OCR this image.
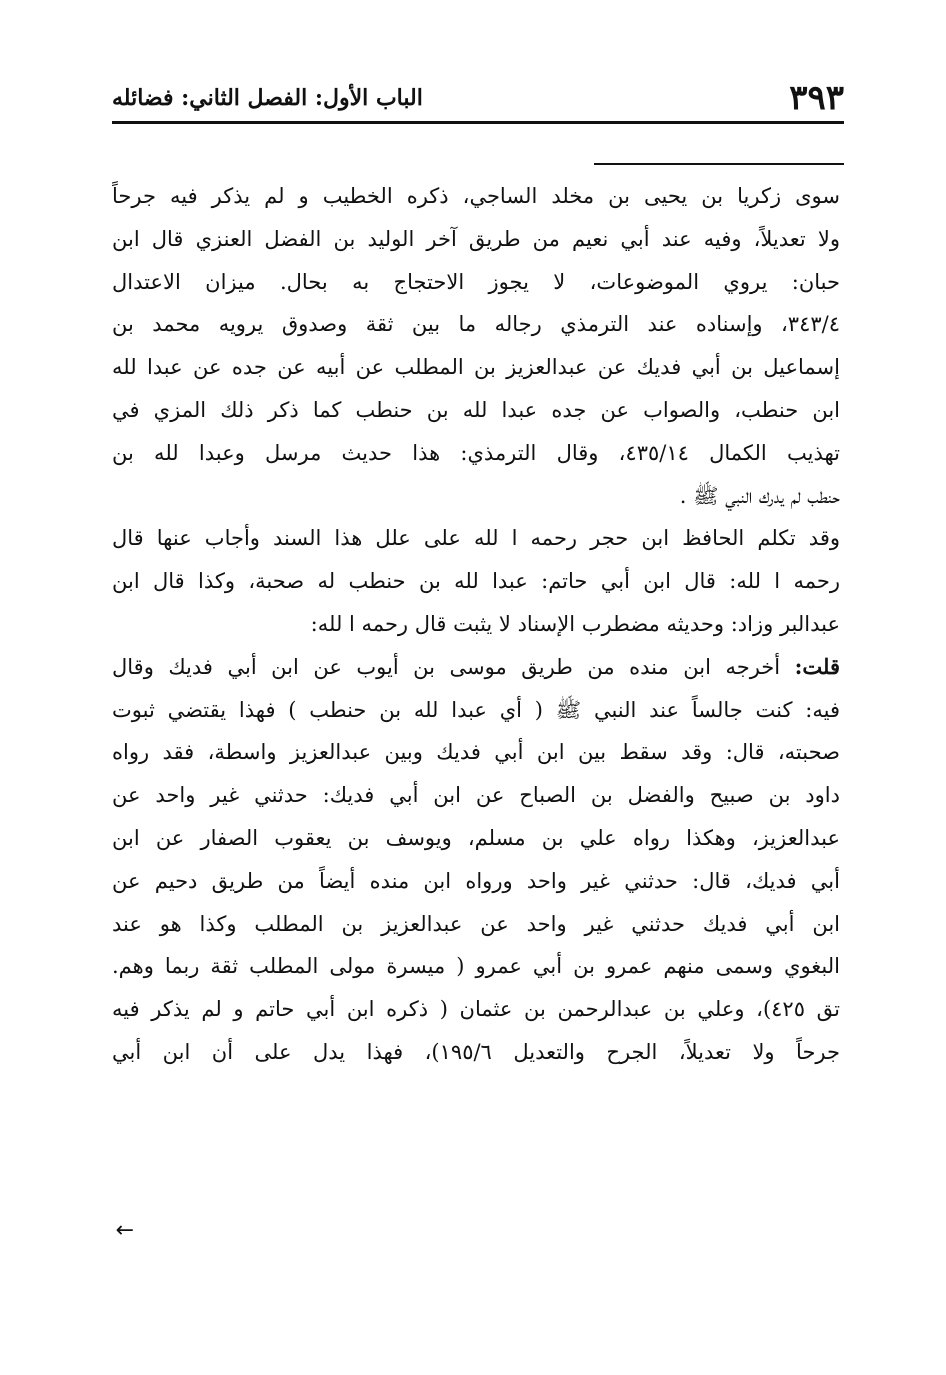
٣٩٣
الباب الأول: الفصل الثاني: فضائله
سوى زكريا بن يحيى بن مخلد الساجي، ذكره الخطيب و لم يذكر فيه جرحاً
ولا تعديلاً، وفيه عند أبي نعيم من طريق آخر الوليد بن الفضل العنزي قال ابن
حبان: يروي الموضوعات، لا يجوز الاحتجاج به بحال. ميزان الاعتدال
٣٤٣/٤، وإسناده عند الترمذي رجاله ما بين ثقة وصدوق يرويه محمد بن
إسماعيل بن أبي فديك عن عبدالعزيز بن المطلب عن أبيه عن جده عن عبدا لله
ابن حنطب، والصواب عن جده عبدا لله بن حنطب كما ذكر ذلك المزي في
تهذيب الكمال ٤٣٥/١٤، وقال الترمذي: هذا حديث مرسل وعبدا لله بن
حنطب لم يدرك النبي ﷺ .
وقد تكلم الحافظ ابن حجر رحمه ا لله على علل هذا السند وأجاب عنها قال
رحمه ا لله: قال ابن أبي حاتم: عبدا لله بن حنطب له صحبة، وكذا قال ابن
عبدالبر وزاد: وحديثه مضطرب الإسناد لا يثبت قال رحمه ا لله:
قلت: أخرجه ابن منده من طريق موسى بن أيوب عن ابن أبي فديك وقال
فيه: كنت جالساً عند النبي ﷺ ( أي عبدا لله بن حنطب ) فهذا يقتضي ثبوت
صحبته، قال: وقد سقط بين ابن أبي فديك وبين عبدالعزيز واسطة، فقد رواه
داود بن صبيح والفضل بن الصباح عن ابن أبي فديك: حدثني غير واحد عن
عبدالعزيز، وهكذا رواه علي بن مسلم، ويوسف بن يعقوب الصفار عن ابن
أبي فديك، قال: حدثني غير واحد ورواه ابن منده أيضاً من طريق دحيم عن
ابن أبي فديك حدثني غير واحد عن عبدالعزيز بن المطلب وكذا هو عند
البغوي وسمى منهم عمرو بن أبي عمرو ( ميسرة مولى المطلب ثقة ربما وهم.
تق ٤٢٥)، وعلي بن عبدالرحمن بن عثمان ( ذكره ابن أبي حاتم و لم يذكر فيه
جرحاً ولا تعديلاً، الجرح والتعديل ١٩٥/٦)، فهذا يدل على أن ابن أبي
←
